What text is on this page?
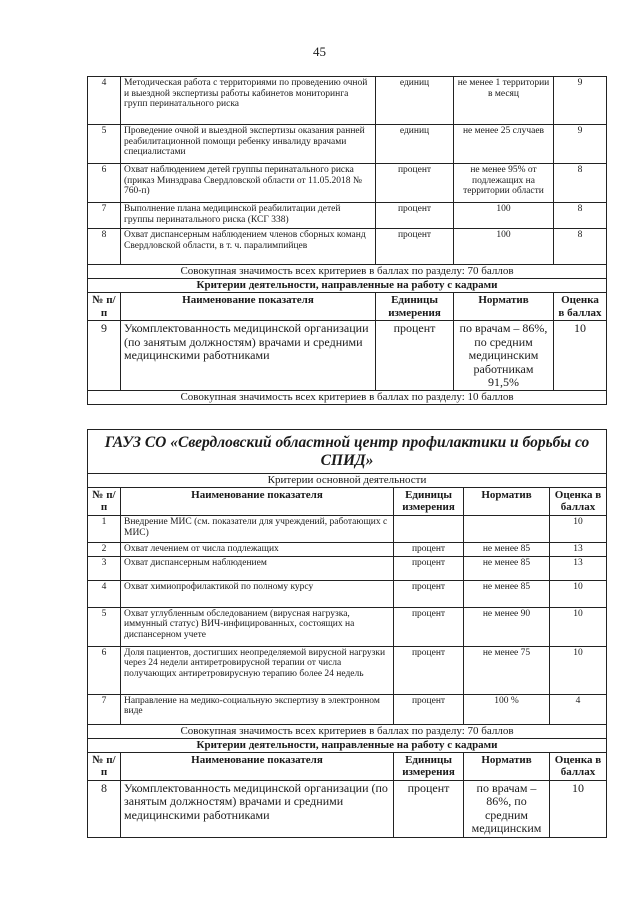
45
4	Методическая работа с территориями по проведению очной и выездной экспертизы работы кабинетов мониторинга групп перинатального риска	единиц	не менее 1 территории в месяц	9
5	Проведение очной и выездной экспертизы оказания ранней реабилитационной помощи ребенку инвалиду врачами специалистами	единиц	не менее 25 случаев	9
6	Охват наблюдением детей группы перинатального риска (приказ Минздрава Свердловской области от 11.05.2018 № 760-п)	процент	не менее 95% от подлежащих на территории области	8
7	Выполнение плана медицинской реабилитации детей группы перинатального риска (КСГ 338)	процент	100	8
8	Охват диспансерным наблюдением членов сборных команд Свердловской области, в т. ч. паралимпийцев	процент	100	8
Совокупная значимость всех критериев в баллах по разделу: 70 баллов				
Критерии деятельности, направленные на работу с кадрами				
№ п/п	Наименование показателя	Единицы измерения	Норматив	Оценка в баллах
9	Укомплектованность медицинской организации (по занятым должностям) врачами и средними медицинскими работниками	процент	по врачам – 86%, по средним медицинским работникам 91,5%	10
Совокупная значимость всех критериев в баллах по разделу: 10 баллов				
ГАУЗ СО «Свердловский областной центр профилактики и борьбы со СПИД»				
Критерии основной деятельности				
№ п/п	Наименование показателя	Единицы измерения	Норматив	Оценка в баллах
1	Внедрение МИС (см. показатели для учреждений, работающих с МИС)			10
2	Охват лечением от числа подлежащих	процент	не менее 85	13
3	Охват диспансерным наблюдением	процент	не менее 85	13
4	Охват химиопрофилактикой по полному курсу	процент	не менее 85	10
5	Охват углубленным обследованием (вирусная нагрузка, иммунный статус) ВИЧ-инфицированных, состоящих на диспансерном учете	процент	не менее 90	10
6	Доля пациентов, достигших неопределяемой вирусной нагрузки через 24 недели антиретровирусной терапии от числа получающих антиретровирусную терапию более 24 недель	процент	не менее 75	10
7	Направление на медико-социальную экспертизу в электронном виде	процент	100 %	4
Совокупная значимость всех критериев в баллах по разделу: 70 баллов				
Критерии деятельности, направленные на работу с кадрами				
№ п/п	Наименование показателя	Единицы измерения	Норматив	Оценка в баллах
8	Укомплектованность медицинской организации (по занятым должностям) врачами и средними медицинскими работниками	процент	по врачам – 86%, по средним медицинским	10
